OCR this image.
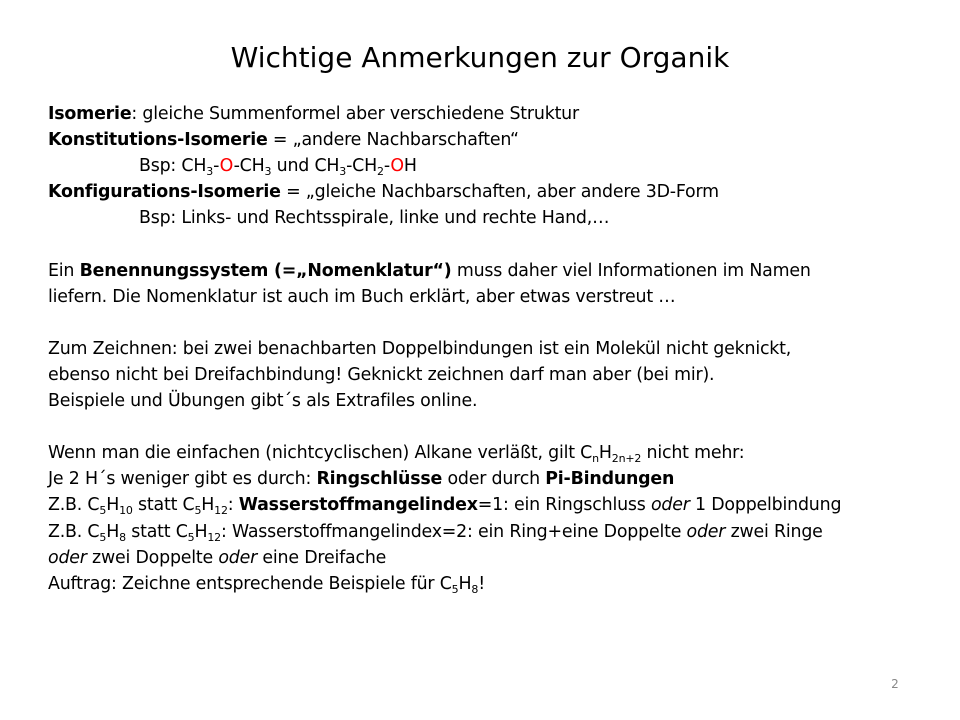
Wichtige Anmerkungen zur Organik
Isomerie: gleiche Summenformel aber verschiedene Struktur
Konstitutions-Isomerie = „andere Nachbarschaften“
Bsp: $CH_3-O-CH_3$ und $CH_3-CH_2-OH$
Konfigurations-Isomerie = „gleiche Nachbarschaften, aber andere 3D-Form
Bsp: Links- und Rechtsspirale, linke und rechte Hand,…
Ein Benennungssystem (=„Nomenklatur“) muss daher viel Informationen im Namen
liefern. Die Nomenklatur ist auch im Buch erklärt, aber etwas verstreut …
Zum Zeichnen: bei zwei benachbarten Doppelbindungen ist ein Molekül nicht geknickt,
ebenso nicht bei Dreifachbindung! Geknickt zeichnen darf man aber (bei mir).
Beispiele und Übungen gibt´s als Extrafiles online.
Wenn man die einfachen (nichtcyclischen) Alkane verläßt, gilt $C_nH_{2n+2}$ nicht mehr:
Je 2 H´s weniger gibt es durch: Ringschlüsse oder durch Pi-Bindungen
Z.B. $C_5H_{10}$ statt $C_5H_{12}$: Wasserstoffmangelindex=1: ein Ringschluss oder 1 Doppelbindung
Z.B. $C_5H_8$ statt $C_5H_{12}$: Wasserstoffmangelindex=2: ein Ring+eine Doppelte oder zwei Ringe
oder zwei Doppelte oder eine Dreifache
Auftrag: Zeichne entsprechende Beispiele für $C_5H_8$!
2
